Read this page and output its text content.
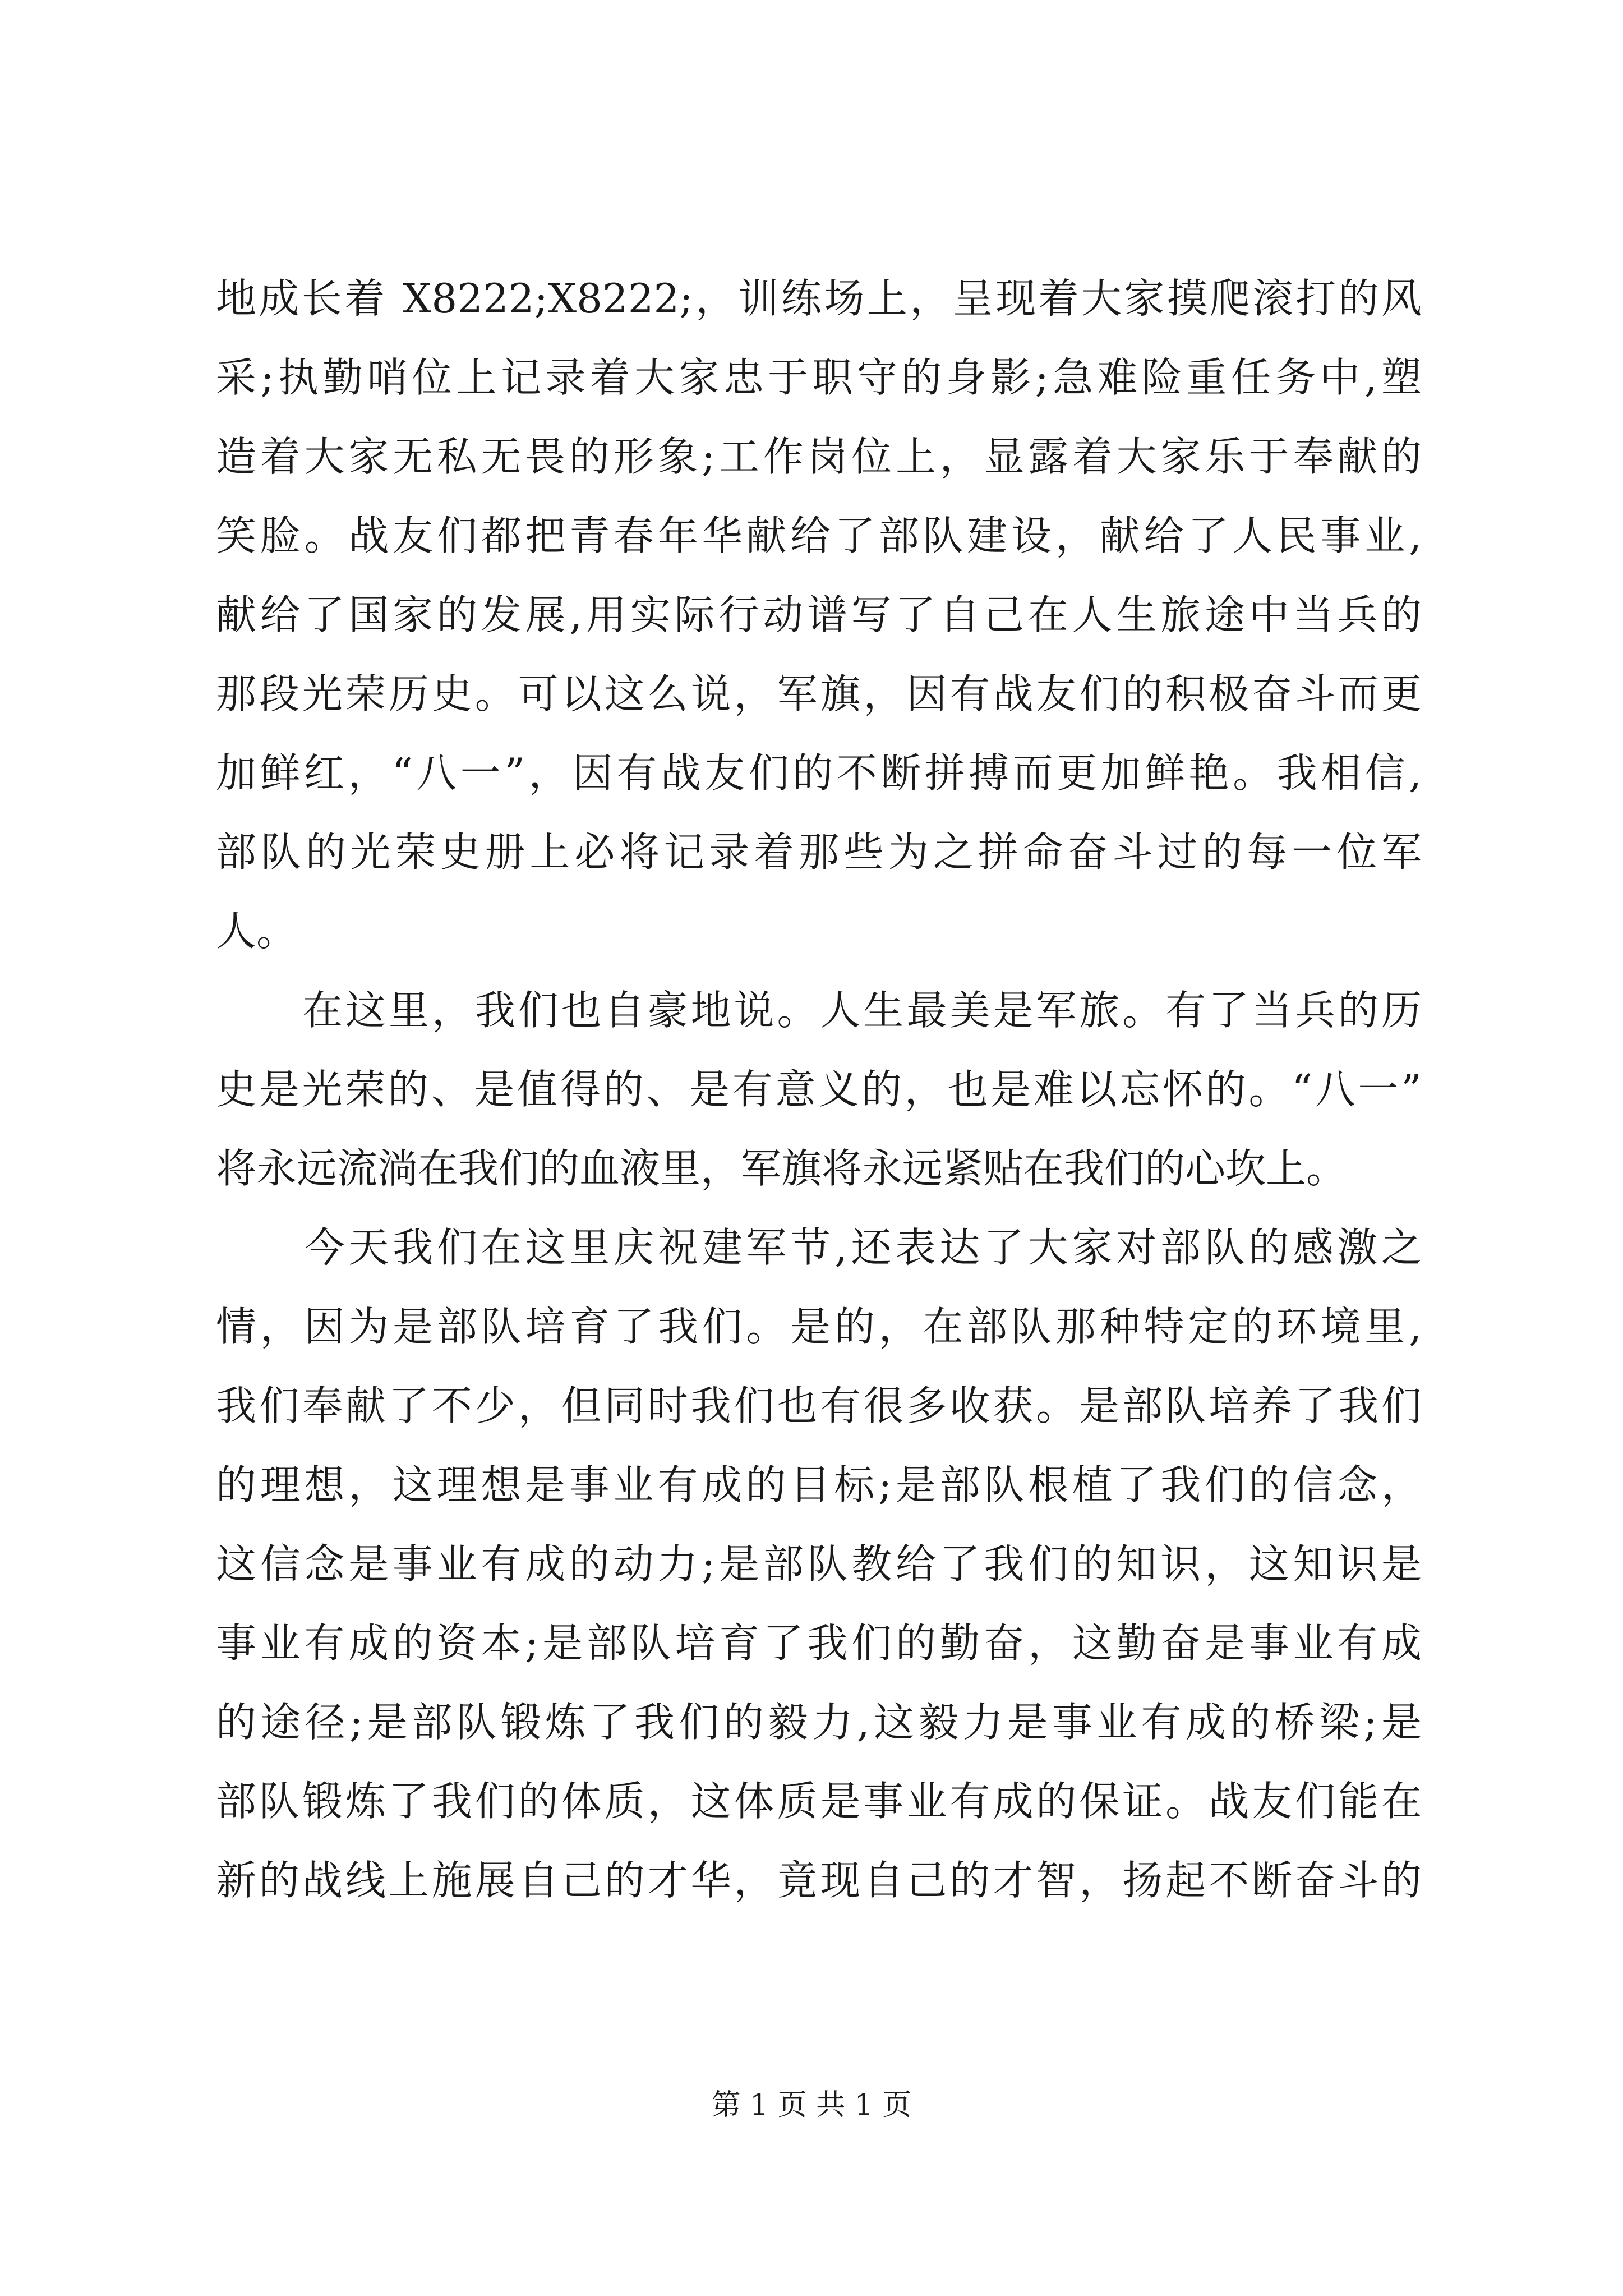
地成长着 X8222;X8222;，训练场上，呈现着大家摸爬滚打的风
采;执勤哨位上记录着大家忠于职守的身影;急难险重任务中,塑
造着大家无私无畏的形象;工作岗位上，显露着大家乐于奉献的
笑脸。战友们都把青春年华献给了部队建设，献给了人民事业,
献给了国家的发展,用实际行动谱写了自己在人生旅途中当兵的
那段光荣历史。可以这么说，军旗，因有战友们的积极奋斗而更
加鲜红，“八一”，因有战友们的不断拼搏而更加鲜艳。我相信,
部队的光荣史册上必将记录着那些为之拼命奋斗过的每一位军
人。
　　在这里，我们也自豪地说。人生最美是军旅。有了当兵的历
史是光荣的、是值得的、是有意义的，也是难以忘怀的。“八一”
将永远流淌在我们的血液里，军旗将永远紧贴在我们的心坎上。
　　今天我们在这里庆祝建军节,还表达了大家对部队的感激之
情，因为是部队培育了我们。是的，在部队那种特定的环境里,
我们奉献了不少，但同时我们也有很多收获。是部队培养了我们
的理想，这理想是事业有成的目标;是部队根植了我们的信念，
这信念是事业有成的动力;是部队教给了我们的知识，这知识是
事业有成的资本;是部队培育了我们的勤奋，这勤奋是事业有成
的途径;是部队锻炼了我们的毅力,这毅力是事业有成的桥梁;是
部队锻炼了我们的体质，这体质是事业有成的保证。战友们能在
新的战线上施展自己的才华，竟现自己的才智，扬起不断奋斗的
第 1 页 共 1 页
